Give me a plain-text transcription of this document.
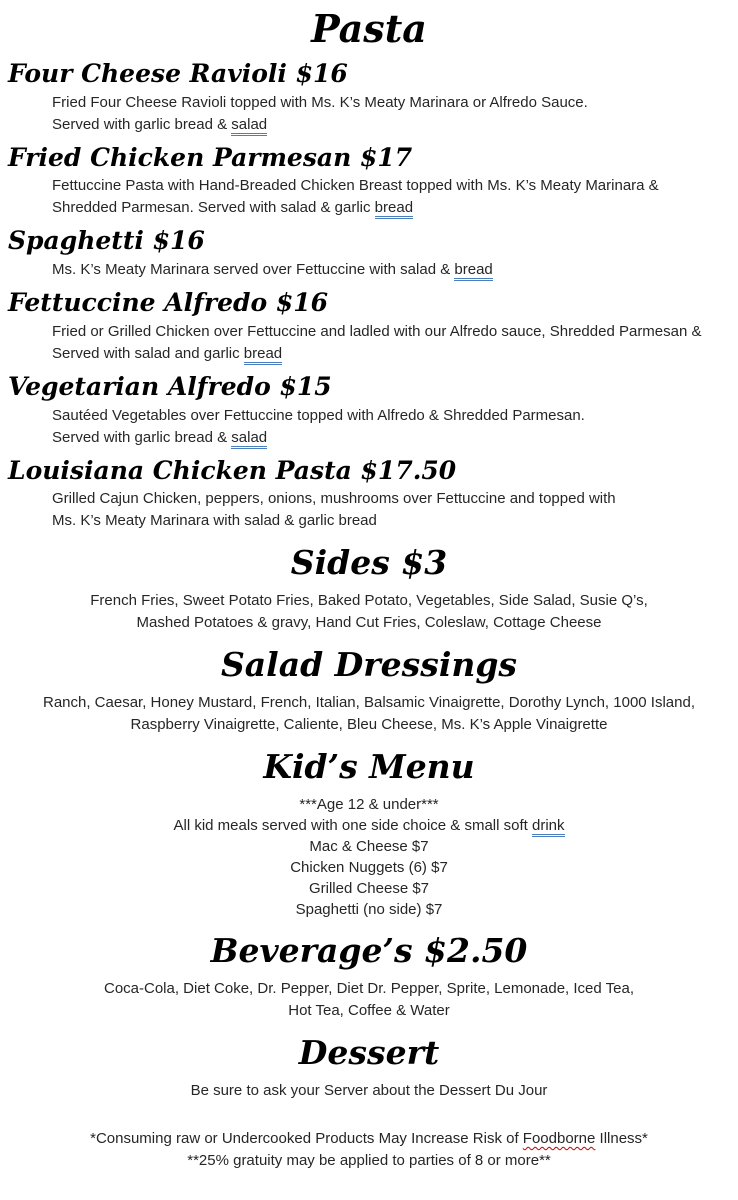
Pasta
Four Cheese Ravioli $16
Fried Four Cheese Ravioli topped with Ms. K’s Meaty Marinara or Alfredo Sauce.
Served with garlic bread & salad
Fried Chicken Parmesan $17
Fettuccine Pasta with Hand-Breaded Chicken Breast topped with Ms. K’s Meaty Marinara &
Shredded Parmesan. Served with salad & garlic bread
Spaghetti $16
Ms. K’s Meaty Marinara served over Fettuccine with salad & bread
Fettuccine Alfredo $16
Fried or Grilled Chicken over Fettuccine and ladled with our Alfredo sauce, Shredded Parmesan &
Served with salad and garlic bread
Vegetarian Alfredo $15
Sautéed Vegetables over Fettuccine topped with Alfredo & Shredded Parmesan.
Served with garlic bread & salad
Louisiana Chicken Pasta $17.50
Grilled Cajun Chicken, peppers, onions, mushrooms over Fettuccine and topped with
Ms. K’s Meaty Marinara with salad & garlic bread
Sides $3
French Fries, Sweet Potato Fries, Baked Potato, Vegetables, Side Salad, Susie Q’s,
Mashed Potatoes & gravy, Hand Cut Fries, Coleslaw, Cottage Cheese
Salad Dressings
Ranch, Caesar, Honey Mustard, French, Italian, Balsamic Vinaigrette, Dorothy Lynch, 1000 Island,
Raspberry Vinaigrette, Caliente, Bleu Cheese, Ms. K’s Apple Vinaigrette
Kid’s Menu
***Age 12 & under***
All kid meals served with one side choice & small soft drink
Mac & Cheese $7
Chicken Nuggets (6) $7
Grilled Cheese $7
Spaghetti (no side) $7
Beverage’s $2.50
Coca-Cola, Diet Coke, Dr. Pepper, Diet Dr. Pepper, Sprite, Lemonade, Iced Tea,
Hot Tea, Coffee & Water
Dessert
Be sure to ask your Server about the Dessert Du Jour
*Consuming raw or Undercooked Products May Increase Risk of Foodborne Illness*
**25% gratuity may be applied to parties of 8 or more**
